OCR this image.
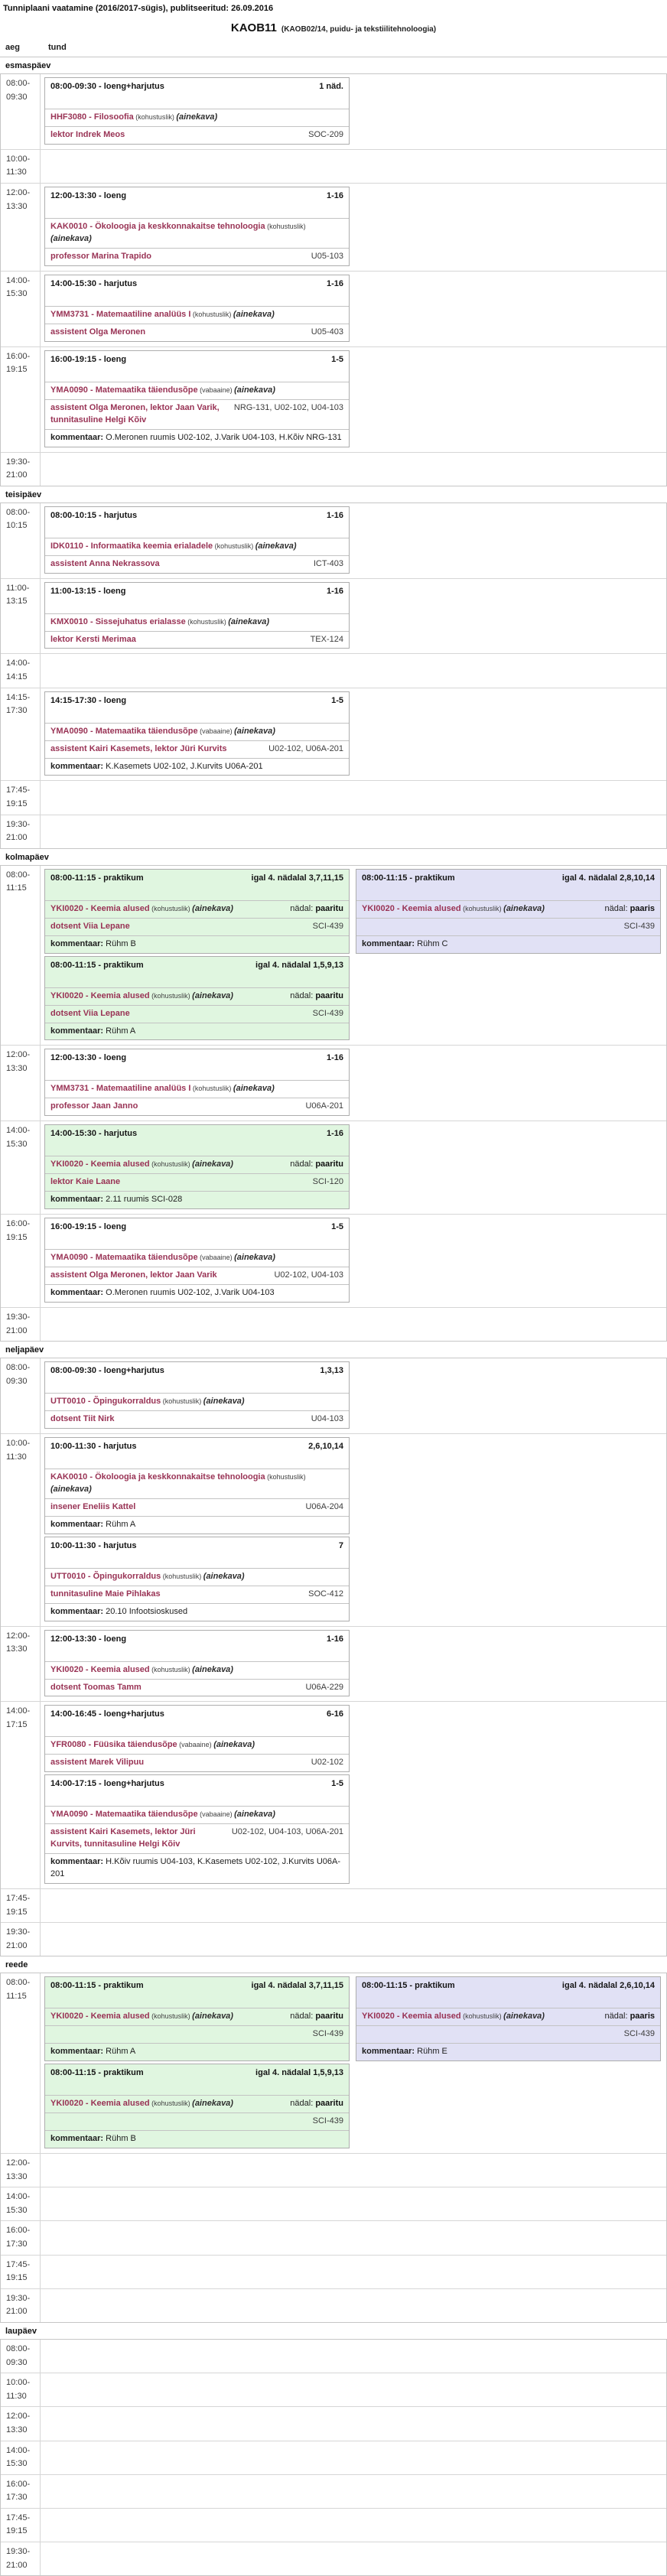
Tunniplaani vaatamine (2016/2017-sügis), publitseeritud: 26.09.2016
KAOB11 (KAOB02/14, puidu- ja tekstiilitehnoloogia)
aeg	tund
esmaspäev
08:00-
09:30
08:00-09:30 - loeng+harjutus	1 näd.
HHF3080 - Filosoofia (kohustuslik) (ainekava)
lektor Indrek Meos	SOC-209
10:00-
11:30
12:00-
13:30
12:00-13:30 - loeng	1-16
KAK0010 - Ökoloogia ja keskkonnakaitse tehnoloogia (kohustuslik) (ainekava)
professor Marina Trapido	U05-103
14:00-
15:30
14:00-15:30 - harjutus	1-16
YMM3731 - Matemaatiline analüüs I (kohustuslik) (ainekava)
assistent Olga Meronen	U05-403
16:00-
19:15
16:00-19:15 - loeng	1-5
YMA0090 - Matemaatika täiendusõpe (vabaaine) (ainekava)
assistent Olga Meronen, lektor Jaan Varik, tunnitasuline Helgi Kõiv
NRG-131, U02-102, U04-103
kommentaar: O.Meronen ruumis U02-102, J.Varik U04-103, H.Kõiv NRG-131
19:30-
21:00
teisipäev
08:00-
10:15
08:00-10:15 - harjutus	1-16
IDK0110 - Informaatika keemia erialadele (kohustuslik) (ainekava)
assistent Anna Nekrassova	ICT-403
11:00-
13:15
11:00-13:15 - loeng	1-16
KMX0010 - Sissejuhatus erialasse (kohustuslik) (ainekava)
lektor Kersti Merimaa	TEX-124
14:00-
14:15
14:15-
17:30
14:15-17:30 - loeng	1-5
YMA0090 - Matemaatika täiendusõpe (vabaaine) (ainekava)
assistent Kairi Kasemets, lektor Jüri Kurvits	U02-102, U06A-201
kommentaar: K.Kasemets U02-102, J.Kurvits U06A-201
17:45-
19:15
19:30-
21:00
kolmapäev
08:00-
11:15
08:00-11:15 - praktikum	igal 4. nädalal 3,7,11,15
nädal: paaritu
YKI0020 - Keemia alused (kohustuslik) (ainekava)
dotsent Viia Lepane	SCI-439
kommentaar: Rühm B
08:00-11:15 - praktikum	igal 4. nädalal 1,5,9,13
nädal: paaritu
YKI0020 - Keemia alused (kohustuslik) (ainekava)
dotsent Viia Lepane	SCI-439
kommentaar: Rühm A
08:00-11:15 - praktikum	igal 4. nädalal 2,8,10,14
nädal: paaris
YKI0020 - Keemia alused (kohustuslik) (ainekava)
SCI-439
kommentaar: Rühm C
12:00-
13:30
12:00-13:30 - loeng	1-16
YMM3731 - Matemaatiline analüüs I (kohustuslik) (ainekava)
professor Jaan Janno	U06A-201
14:00-
15:30
14:00-15:30 - harjutus	1-16
nädal: paaritu
YKI0020 - Keemia alused (kohustuslik) (ainekava)
lektor Kaie Laane	SCI-120
kommentaar: 2.11 ruumis SCI-028
16:00-
19:15
16:00-19:15 - loeng	1-5
YMA0090 - Matemaatika täiendusõpe (vabaaine) (ainekava)
assistent Olga Meronen, lektor Jaan Varik	U02-102, U04-103
kommentaar: O.Meronen ruumis U02-102, J.Varik U04-103
19:30-
21:00
neljapäev
08:00-
09:30
08:00-09:30 - loeng+harjutus	1,3,13
UTT0010 - Õpingukorraldus (kohustuslik) (ainekava)
dotsent Tiit Nirk	U04-103
10:00-
11:30
10:00-11:30 - harjutus	2,6,10,14
KAK0010 - Ökoloogia ja keskkonnakaitse tehnoloogia (kohustuslik) (ainekava)
insener Eneliis Kattel	U06A-204
kommentaar: Rühm A
10:00-11:30 - harjutus	7
UTT0010 - Õpingukorraldus (kohustuslik) (ainekava)
tunnitasuline Maie Pihlakas	SOC-412
kommentaar: 20.10 Infootsioskused
12:00-
13:30
12:00-13:30 - loeng	1-16
YKI0020 - Keemia alused (kohustuslik) (ainekava)
dotsent Toomas Tamm	U06A-229
14:00-
17:15
14:00-16:45 - loeng+harjutus	6-16
YFR0080 - Füüsika täiendusõpe (vabaaine) (ainekava)
assistent Marek Vilipuu	U02-102
14:00-17:15 - loeng+harjutus	1-5
YMA0090 - Matemaatika täiendusõpe (vabaaine) (ainekava)
assistent Kairi Kasemets, lektor Jüri Kurvits, tunnitasuline Helgi Kõiv
U02-102, U04-103, U06A-201
kommentaar: H.Kõiv ruumis U04-103, K.Kasemets U02-102, J.Kurvits U06A-201
17:45-
19:15
19:30-
21:00
reede
08:00-
11:15
08:00-11:15 - praktikum	igal 4. nädalal 3,7,11,15
nädal: paaritu
YKI0020 - Keemia alused (kohustuslik) (ainekava)
SCI-439
kommentaar: Rühm A
08:00-11:15 - praktikum	igal 4. nädalal 1,5,9,13
nädal: paaritu
YKI0020 - Keemia alused (kohustuslik) (ainekava)
SCI-439
kommentaar: Rühm B
08:00-11:15 - praktikum	igal 4. nädalal 2,6,10,14
nädal: paaris
YKI0020 - Keemia alused (kohustuslik) (ainekava)
SCI-439
kommentaar: Rühm E
12:00-
13:30
14:00-
15:30
16:00-
17:30
17:45-
19:15
19:30-
21:00
laupäev
08:00-
09:30
10:00-
11:30
12:00-
13:30
14:00-
15:30
16:00-
17:30
17:45-
19:15
19:30-
21:00
